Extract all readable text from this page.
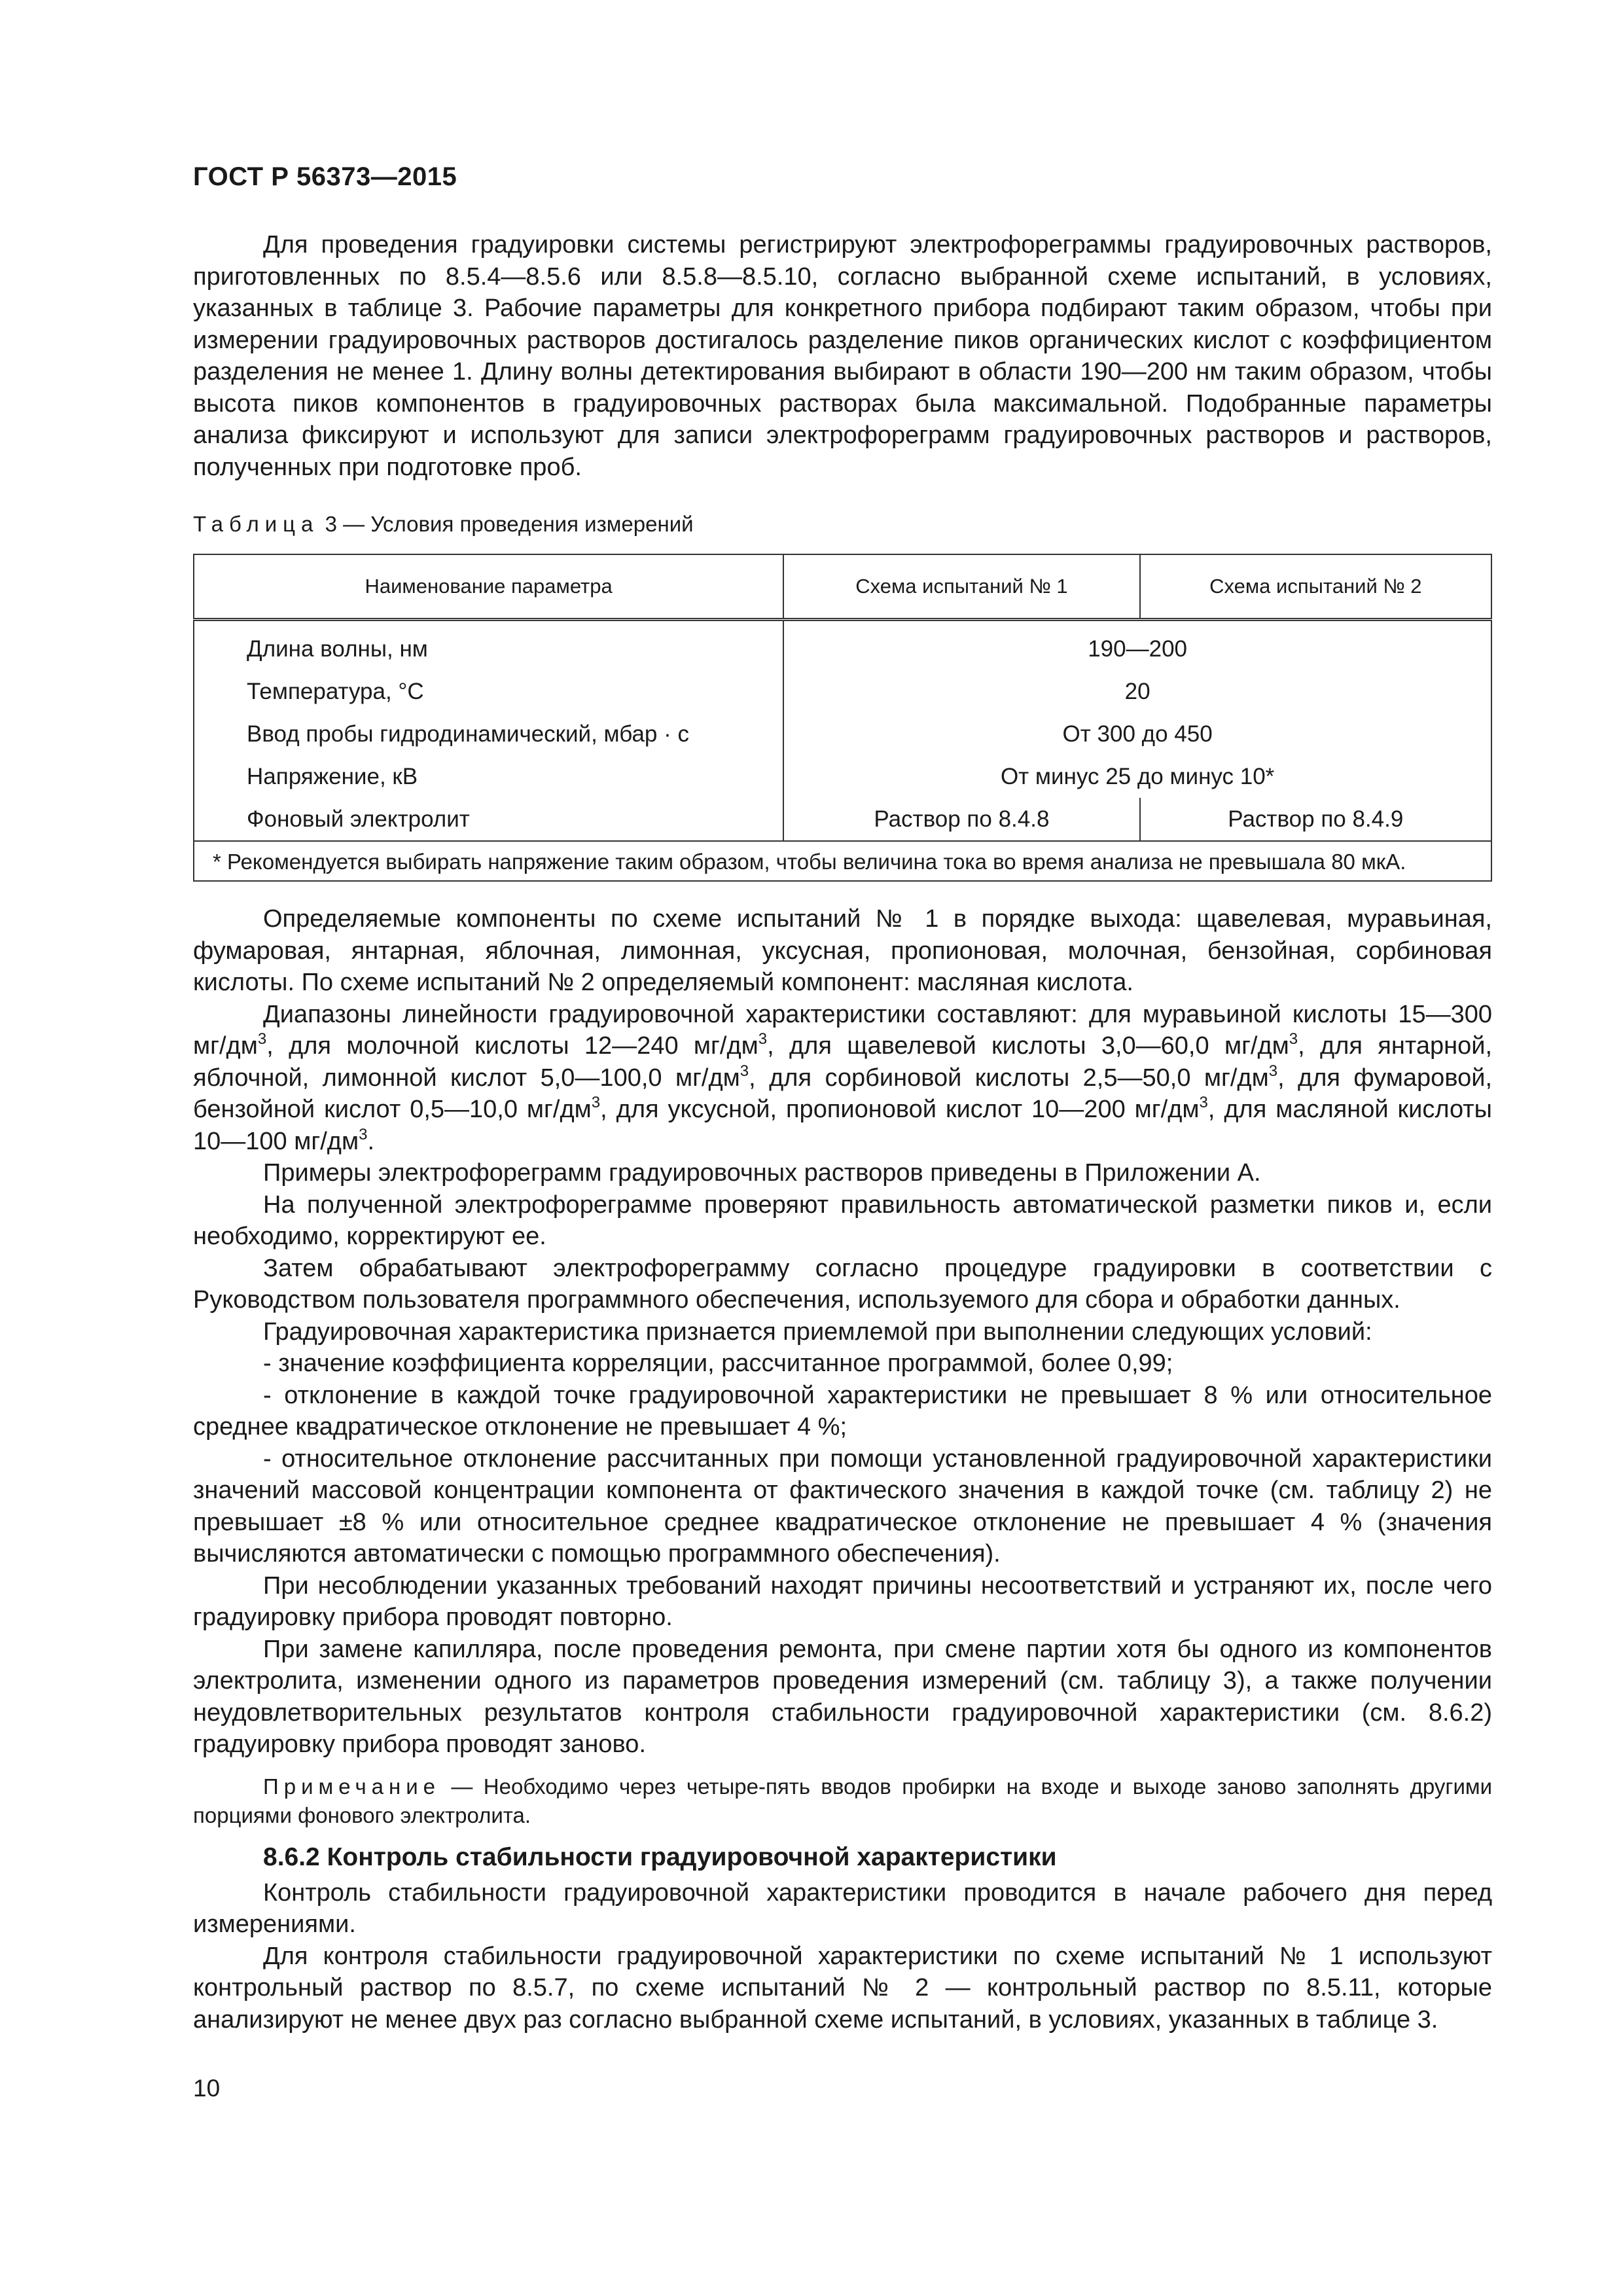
ГОСТ Р 56373—2015

Для проведения градуировки системы регистрируют электрофореграммы градуировочных растворов, приготовленных по 8.5.4—8.5.6 или 8.5.8—8.5.10, согласно выбранной схеме испытаний, в условиях, указанных в таблице 3. Рабочие параметры для конкретного прибора подбирают таким образом, чтобы при измерении градуировочных растворов достигалось разделение пиков органических кислот с коэффициентом разделения не менее 1. Длину волны детектирования выбирают в области 190—200 нм таким образом, чтобы высота пиков компонентов в градуировочных растворах была максимальной. Подобранные параметры анализа фиксируют и используют для записи электрофореграмм градуировочных растворов и растворов, полученных при подготовке проб.

Таблица 3 — Условия проведения измерений
Наименование параметра	Схема испытаний № 1	Схема испытаний № 2
Длина волны, нм	190—200	
Температура, °С	20	
Ввод пробы гидродинамический, мбар · с	От 300 до 450	
Напряжение, кВ	От минус 25 до минус 10*	
Фоновый электролит	Раствор по 8.4.8	Раствор по 8.4.9
* Рекомендуется выбирать напряжение таким образом, чтобы величина тока во время анализа не превышала 80 мкА.		

Определяемые компоненты по схеме испытаний № 1 в порядке выхода: щавелевая, муравьиная, фумаровая, янтарная, яблочная, лимонная, уксусная, пропионовая, молочная, бензойная, сорбиновая кислоты. По схеме испытаний № 2 определяемый компонент: масляная кислота.

Диапазоны линейности градуировочной характеристики составляют: для муравьиной кислоты 15—300 $мг/дм^3$, для молочной кислоты 12—240 $мг/дм^3$, для щавелевой кислоты 3,0—60,0 $мг/дм^3$, для янтарной, яблочной, лимонной кислот 5,0—100,0 $мг/дм^3$, для сорбиновой кислоты 2,5—50,0 $мг/дм^3$, для фумаровой, бензойной кислот 0,5—10,0 $мг/дм^3$, для уксусной, пропионовой кислот 10—200 $мг/дм^3$, для масляной кислоты 10—100 $мг/дм^3$.

Примеры электрофореграмм градуировочных растворов приведены в Приложении А.

На полученной электрофореграмме проверяют правильность автоматической разметки пиков и, если необходимо, корректируют ее.

Затем обрабатывают электрофореграмму согласно процедуре градуировки в соответствии с Руководством пользователя программного обеспечения, используемого для сбора и обработки данных.

Градуировочная характеристика признается приемлемой при выполнении следующих условий:

- значение коэффициента корреляции, рассчитанное программой, более 0,99;

- отклонение в каждой точке градуировочной характеристики не превышает 8 % или относительное среднее квадратическое отклонение не превышает 4 %;

- относительное отклонение рассчитанных при помощи установленной градуировочной характеристики значений массовой концентрации компонента от фактического значения в каждой точке (см. таблицу 2) не превышает ±8 % или относительное среднее квадратическое отклонение не превышает 4 % (значения вычисляются автоматически с помощью программного обеспечения).

При несоблюдении указанных требований находят причины несоответствий и устраняют их, после чего градуировку прибора проводят повторно.

При замене капилляра, после проведения ремонта, при смене партии хотя бы одного из компонентов электролита, изменении одного из параметров проведения измерений (см. таблицу 3), а также получении неудовлетворительных результатов контроля стабильности градуировочной характеристики (см. 8.6.2) градуировку прибора проводят заново.

Примечание — Необходимо через четыре-пять вводов пробирки на входе и выходе заново заполнять другими порциями фонового электролита.

8.6.2 Контроль стабильности градуировочной характеристики

Контроль стабильности градуировочной характеристики проводится в начале рабочего дня перед измерениями.

Для контроля стабильности градуировочной характеристики по схеме испытаний № 1 используют контрольный раствор по 8.5.7, по схеме испытаний № 2 — контрольный раствор по 8.5.11, которые анализируют не менее двух раз согласно выбранной схеме испытаний, в условиях, указанных в таблице 3.

10
